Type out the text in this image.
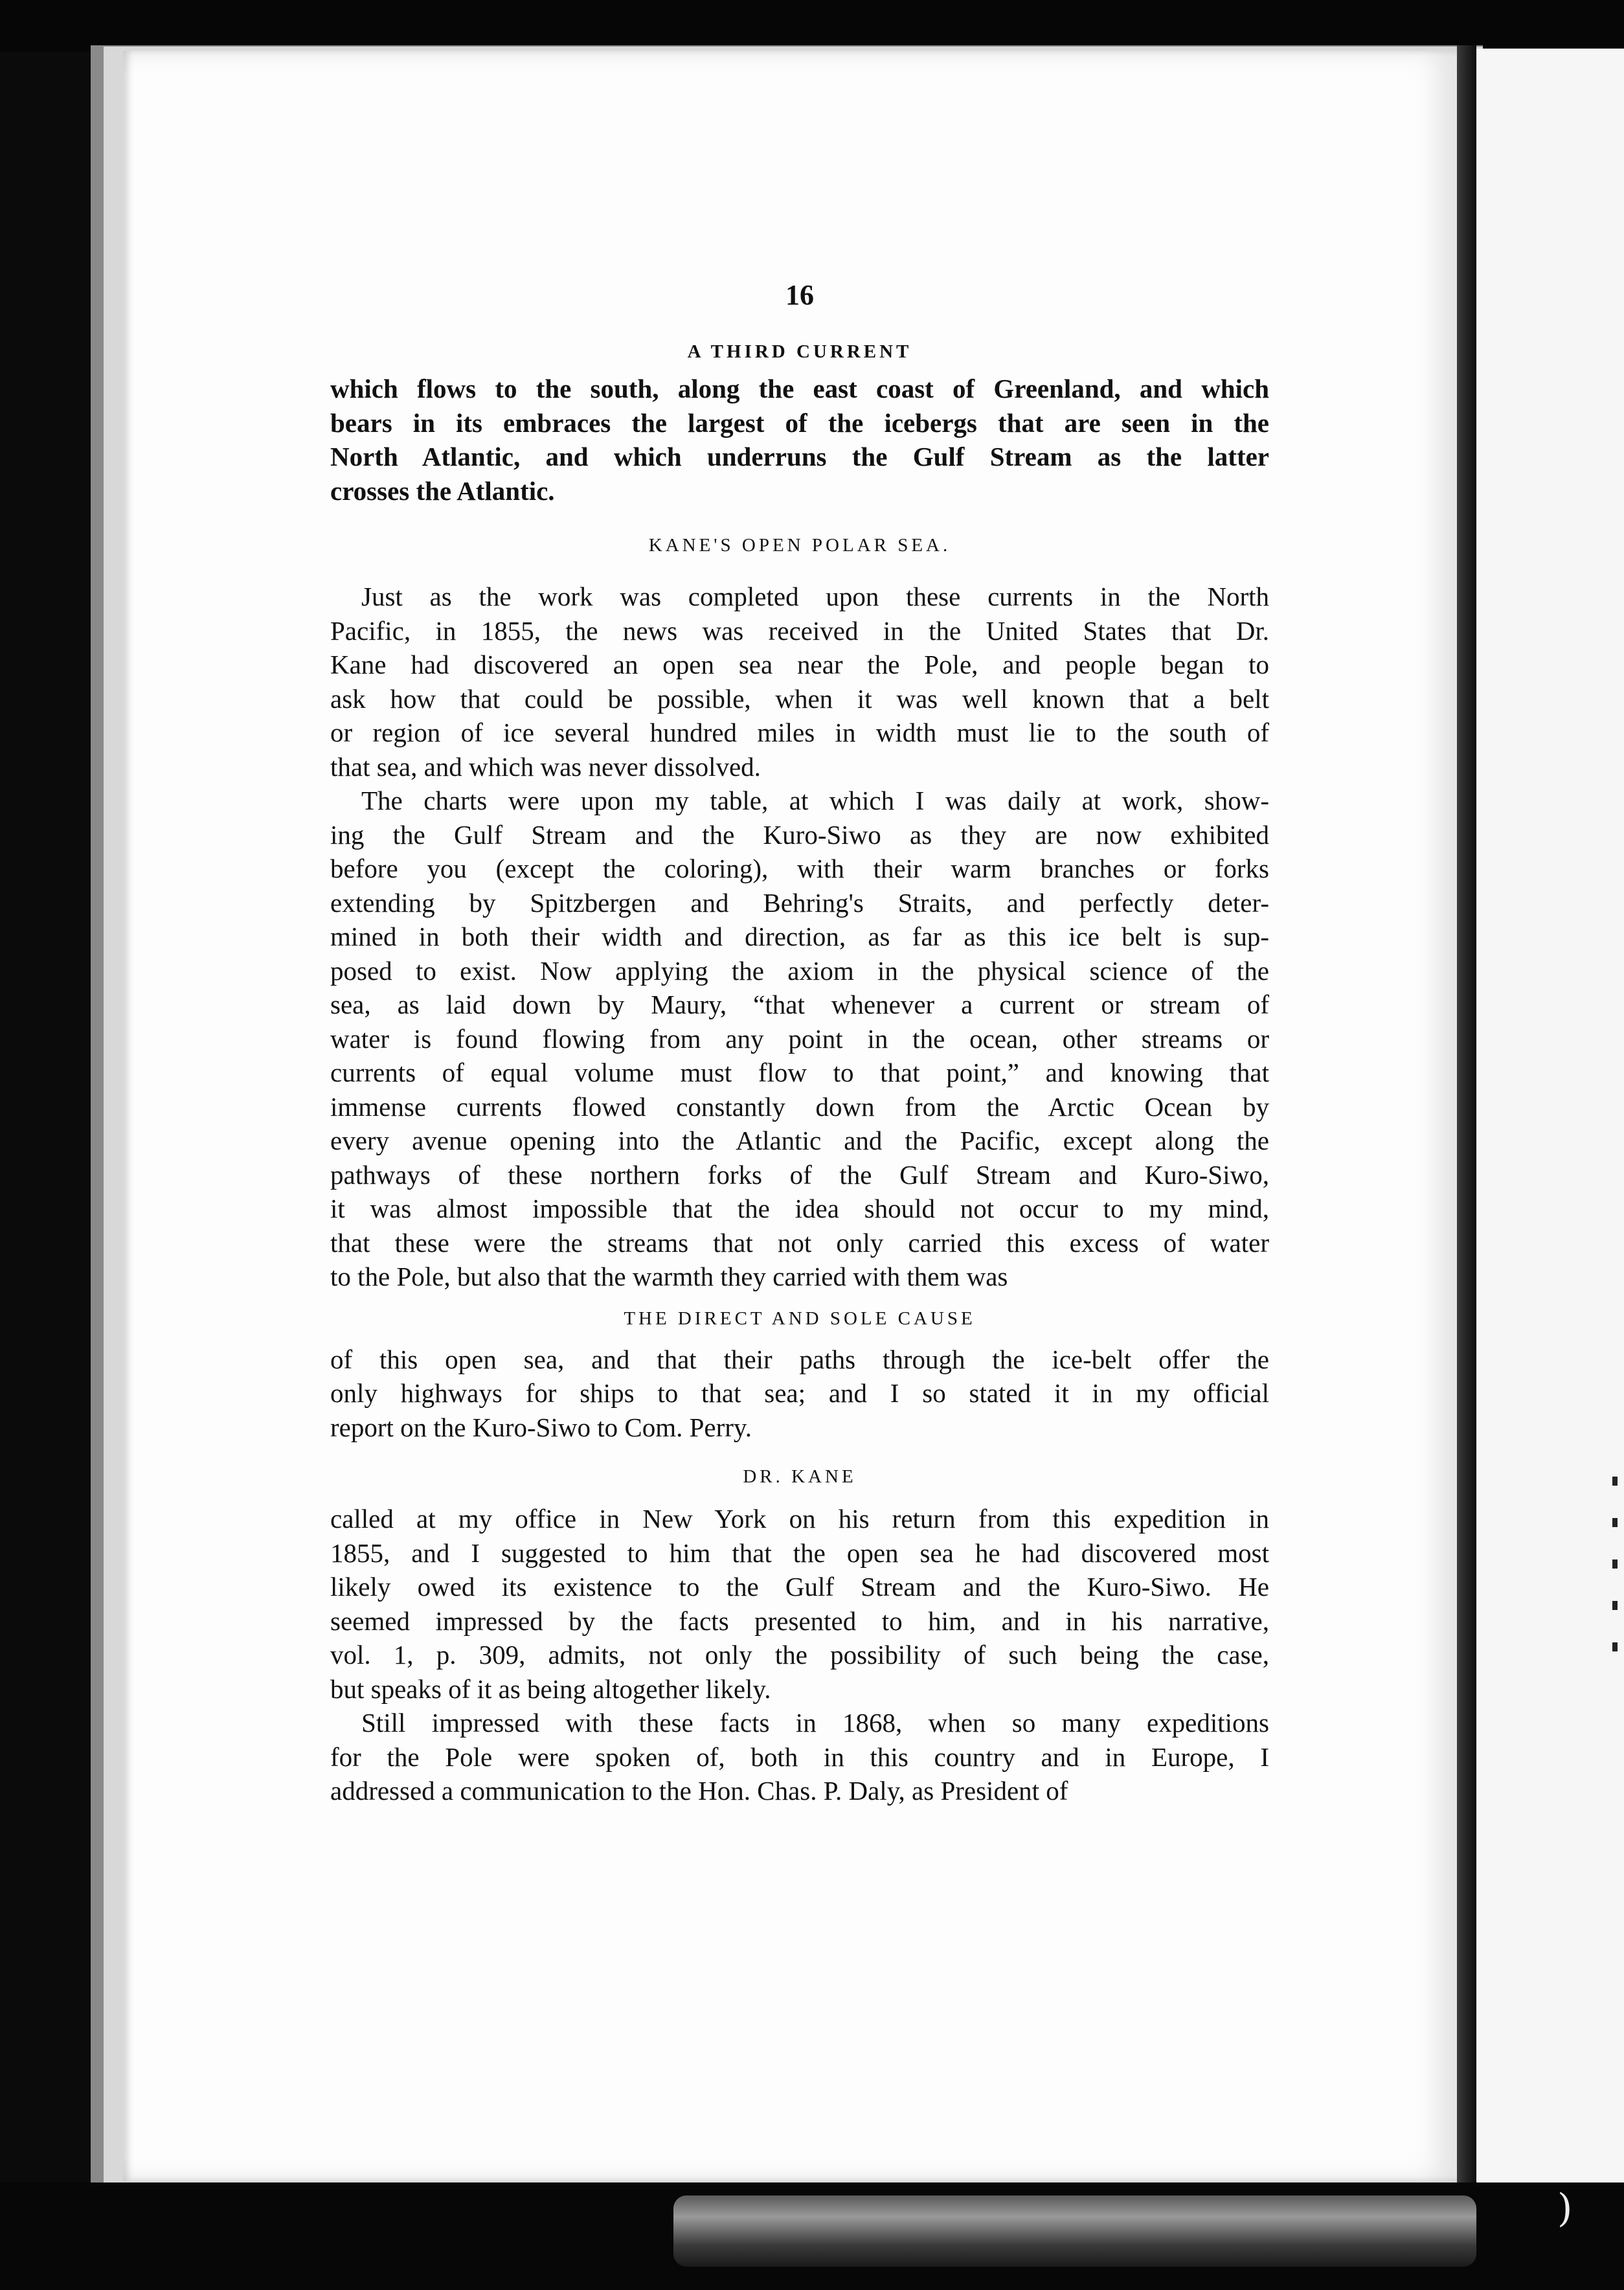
)
16
A THIRD CURRENT
which flows to the south, along the east coast of Greenland, and which
bears in its embraces the largest of the icebergs that are seen in the
North Atlantic, and which underruns the Gulf Stream as the latter
crosses the Atlantic.
KANE'S OPEN POLAR SEA.
Just as the work was completed upon these currents in the North
Pacific, in 1855, the news was received in the United States that Dr.
Kane had discovered an open sea near the Pole, and people began to
ask how that could be possible, when it was well known that a belt
or region of ice several hundred miles in width must lie to the south of
that sea, and which was never dissolved.
The charts were upon my table, at which I was daily at work, show-
ing the Gulf Stream and the Kuro-Siwo as they are now exhibited
before you (except the coloring), with their warm branches or forks
extending by Spitzbergen and Behring's Straits, and perfectly deter-
mined in both their width and direction, as far as this ice belt is sup-
posed to exist. Now applying the axiom in the physical science of the
sea, as laid down by Maury, “that whenever a current or stream of
water is found flowing from any point in the ocean, other streams or
currents of equal volume must flow to that point,” and knowing that
immense currents flowed constantly down from the Arctic Ocean by
every avenue opening into the Atlantic and the Pacific, except along the
pathways of these northern forks of the Gulf Stream and Kuro-Siwo,
it was almost impossible that the idea should not occur to my mind,
that these were the streams that not only carried this excess of water
to the Pole, but also that the warmth they carried with them was
THE DIRECT AND SOLE CAUSE
of this open sea, and that their paths through the ice-belt offer the
only highways for ships to that sea; and I so stated it in my official
report on the Kuro-Siwo to Com. Perry.
DR. KANE
called at my office in New York on his return from this expedition in
1855, and I suggested to him that the open sea he had discovered most
likely owed its existence to the Gulf Stream and the Kuro-Siwo. He
seemed impressed by the facts presented to him, and in his narrative,
vol. 1, p. 309, admits, not only the possibility of such being the case,
but speaks of it as being altogether likely.
Still impressed with these facts in 1868, when so many expeditions
for the Pole were spoken of, both in this country and in Europe, I
addressed a communication to the Hon. Chas. P. Daly, as President of
